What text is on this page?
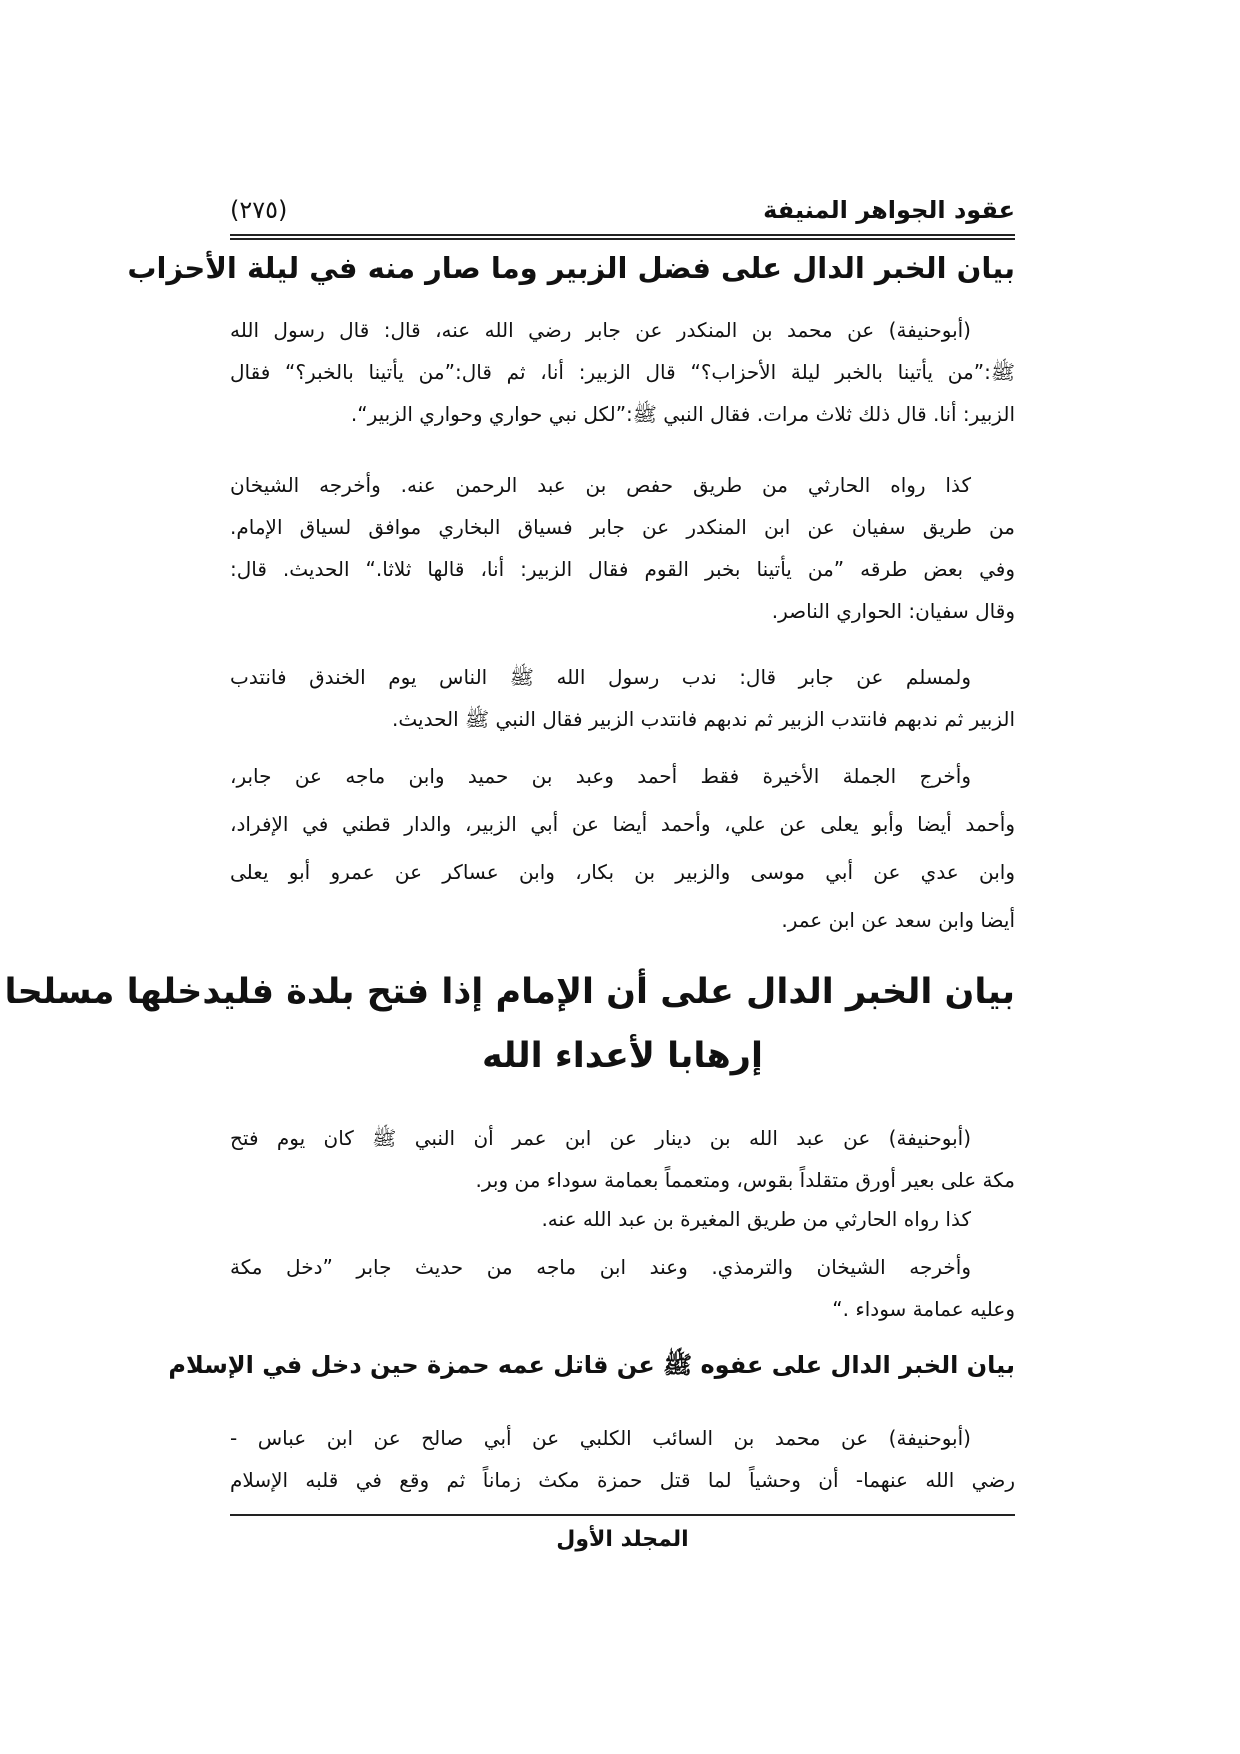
عقود الجواهر المنيفة
(٢٧٥)
بيان الخبر الدال على فضل الزبير وما صار منه في ليلة الأحزاب
(أبوحنيفة) عن محمد بن المنكدر عن جابر رضي الله عنه، قال: قال رسول الله
ﷺ:”من يأتينا بالخبر ليلة الأحزاب؟“ قال الزبير: أنا، ثم قال:”من يأتينا بالخبر؟“ فقال
الزبير: أنا. قال ذلك ثلاث مرات. فقال النبي ﷺ:”لكل نبي حواري وحواري الزبير“.
كذا رواه الحارثي من طريق حفص بن عبد الرحمن عنه. وأخرجه الشيخان
من طريق سفيان عن ابن المنكدر عن جابر فسياق البخاري موافق لسياق الإمام.
وفي بعض طرقه ”من يأتينا بخبر القوم فقال الزبير: أنا، قالها ثلاثا.“ الحديث. قال:
وقال سفيان: الحواري الناصر.
ولمسلم عن جابر قال: ندب رسول الله ﷺ الناس يوم الخندق فانتدب
الزبير ثم ندبهم فانتدب الزبير ثم ندبهم فانتدب الزبير فقال النبي ﷺ الحديث.
وأخرج الجملة الأخيرة فقط أحمد وعبد بن حميد وابن ماجه عن جابر،
وأحمد أيضا وأبو يعلى عن علي، وأحمد أيضا عن أبي الزبير، والدار قطني في الإفراد،
وابن عدي عن أبي موسى والزبير بن بكار، وابن عساكر عن عمرو أبو يعلى
أيضا وابن سعد عن ابن عمر.
بيان الخبر الدال على أن الإمام إذا فتح بلدة فليدخلها مسلحا
إرهابا لأعداء الله
(أبوحنيفة) عن عبد الله بن دينار عن ابن عمر أن النبي ﷺ كان يوم فتح
مكة على بعير أورق متقلداً بقوس، ومتعمماً بعمامة سوداء من وبر.
كذا رواه الحارثي من طريق المغيرة بن عبد الله عنه.
وأخرجه الشيخان والترمذي. وعند ابن ماجه من حديث جابر ”دخل مكة
وعليه عمامة سوداء .“
بيان الخبر الدال على عفوه ﷺ عن قاتل عمه حمزة حين دخل في الإسلام
(أبوحنيفة) عن محمد بن السائب الكلبي عن أبي صالح عن ابن عباس -
رضي الله عنهما- أن وحشياً لما قتل حمزة مكث زماناً ثم وقع في قلبه الإسلام
المجلد الأول
